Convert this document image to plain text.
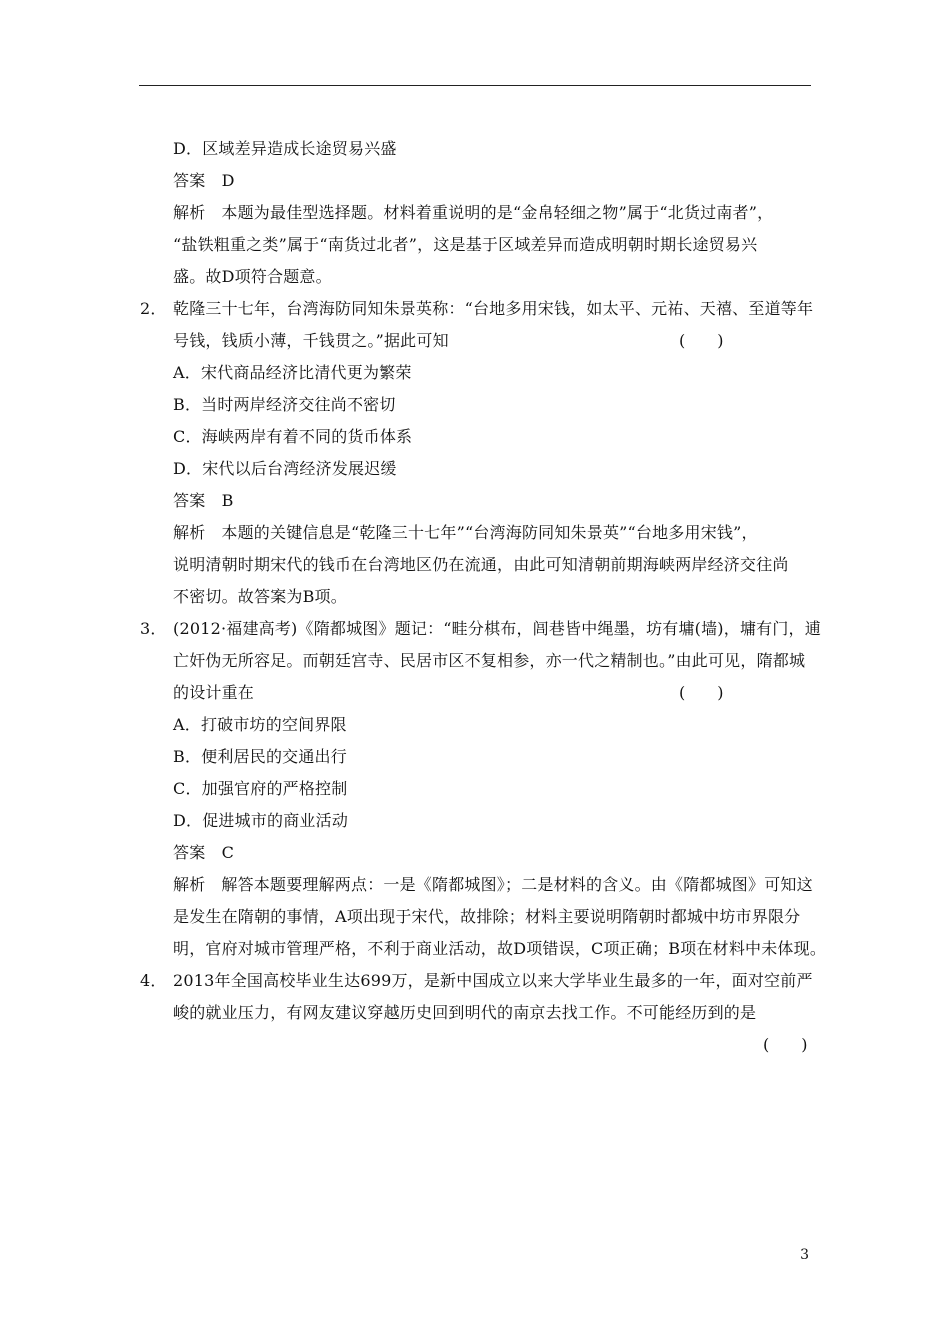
D．区域差异造成长途贸易兴盛
答案　D
解析 本题为最佳型选择题。材料着重说明的是“金帛轻细之物”属于“北货过南者”，
“盐铁粗重之类”属于“南货过北者”，这是基于区域差异而造成明朝时期长途贸易兴
盛。故D项符合题意。
2． 乾隆三十七年，台湾海防同知朱景英称：“台地多用宋钱，如太平、元祐、天禧、至道等年
号钱，钱质小薄，千钱贯之。”据此可知	(　　)
A．宋代商品经济比清代更为繁荣
B．当时两岸经济交往尚不密切
C．海峡两岸有着不同的货币体系
D．宋代以后台湾经济发展迟缓
答案　B
解析 本题的关键信息是“乾隆三十七年”“台湾海防同知朱景英”“台地多用宋钱”，
说明清朝时期宋代的钱币在台湾地区仍在流通，由此可知清朝前期海峡两岸经济交往尚
不密切。故答案为B项。
3． (2012·福建高考)《隋都城图》题记：“畦分棋布，闾巷皆中绳墨，坊有墉(墙)，墉有门，逋
亡奸伪无所容足。而朝廷宫寺、民居市区不复相参，亦一代之精制也。”由此可见，隋都城
的设计重在	(　　)
A．打破市坊的空间界限
B．便利居民的交通出行
C．加强官府的严格控制
D．促进城市的商业活动
答案　C
解析 解答本题要理解两点：一是《隋都城图》；二是材料的含义。由《隋都城图》可知这
是发生在隋朝的事情，A项出现于宋代，故排除；材料主要说明隋朝时都城中坊市界限分
明，官府对城市管理严格，不利于商业活动，故D项错误，C项正确；B项在材料中未体现。
4． 2013年全国高校毕业生达699万，是新中国成立以来大学毕业生最多的一年，面对空前严
峻的就业压力，有网友建议穿越历史回到明代的南京去找工作。不可能经历到的是
(　　)
3
